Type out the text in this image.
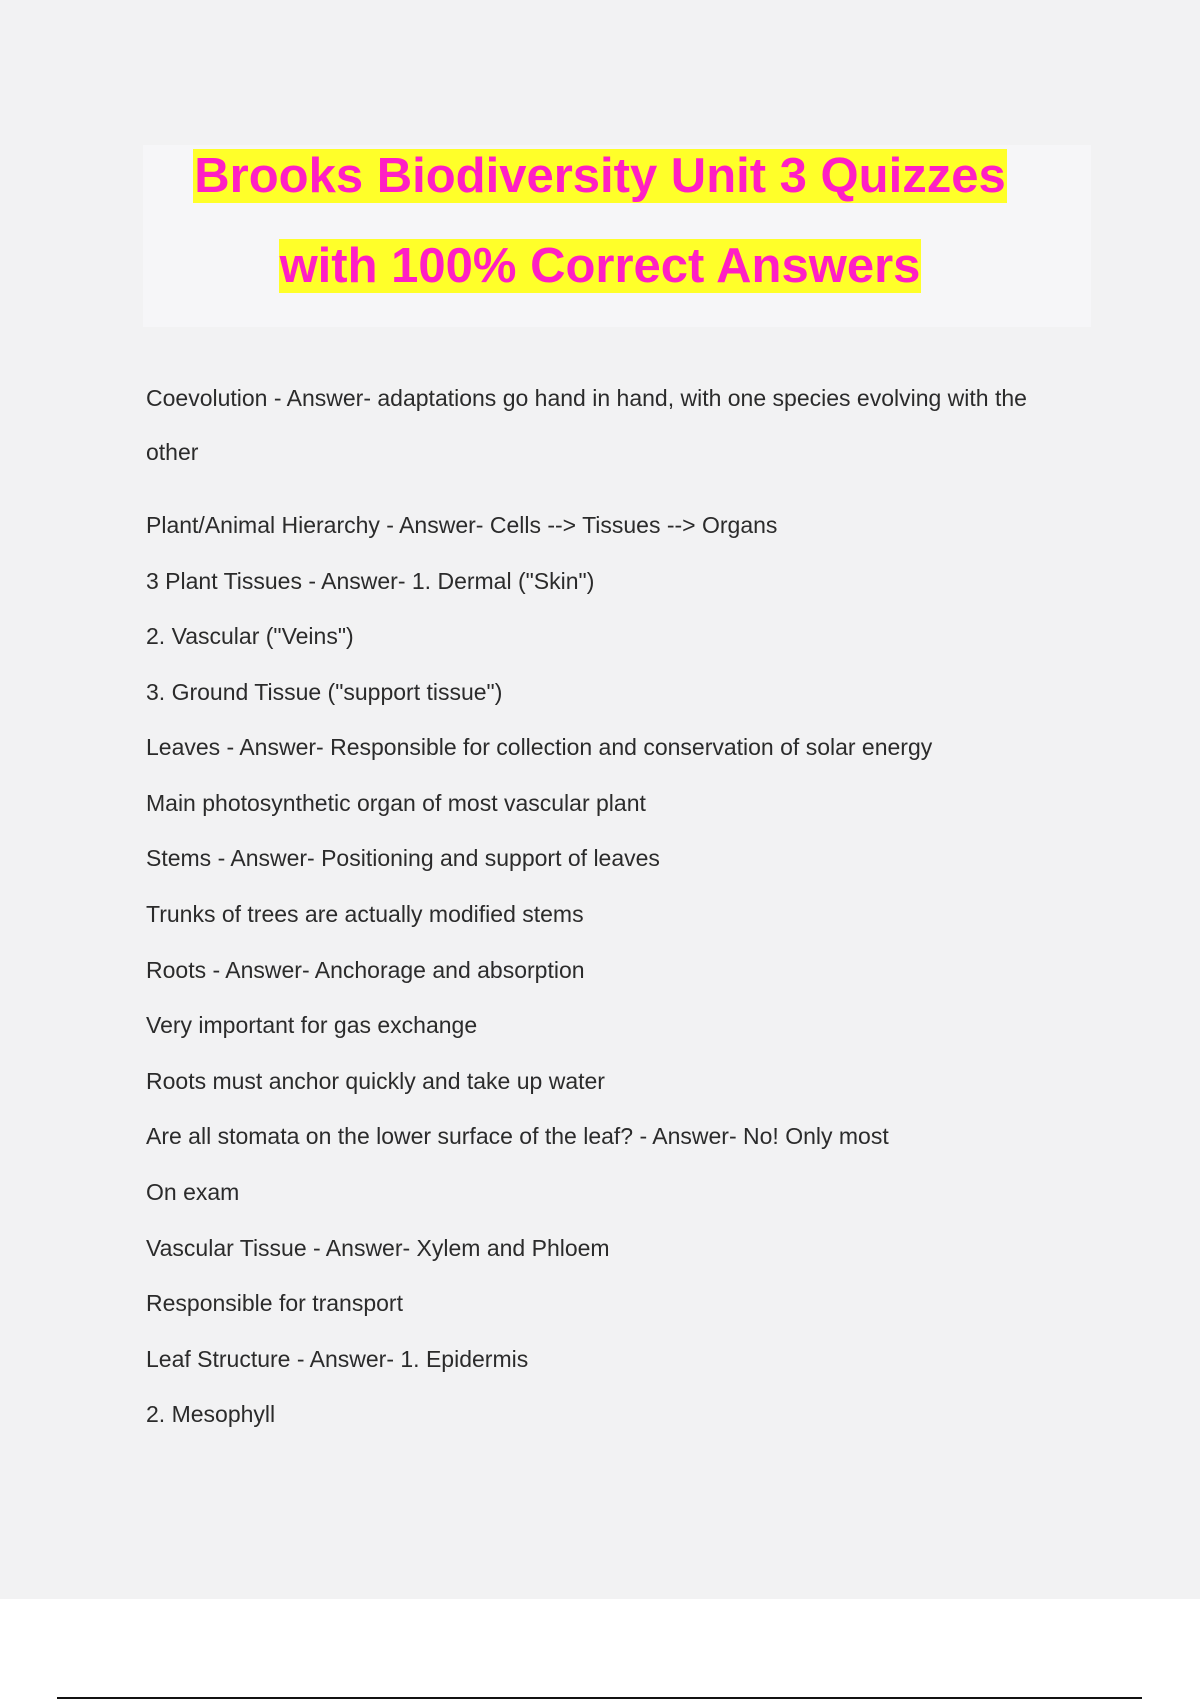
Brooks Biodiversity Unit 3 Quizzes
with 100% Correct Answers
Coevolution - Answer- adaptations go hand in hand, with one species evolving with the
other
Plant/Animal Hierarchy - Answer- Cells --> Tissues --> Organs
3 Plant Tissues - Answer- 1. Dermal ("Skin")
2. Vascular ("Veins")
3. Ground Tissue ("support tissue")
Leaves - Answer- Responsible for collection and conservation of solar energy
Main photosynthetic organ of most vascular plant
Stems - Answer- Positioning and support of leaves
Trunks of trees are actually modified stems
Roots - Answer- Anchorage and absorption
Very important for gas exchange
Roots must anchor quickly and take up water
Are all stomata on the lower surface of the leaf? - Answer- No! Only most
On exam
Vascular Tissue - Answer- Xylem and Phloem
Responsible for transport
Leaf Structure - Answer- 1. Epidermis
2. Mesophyll
